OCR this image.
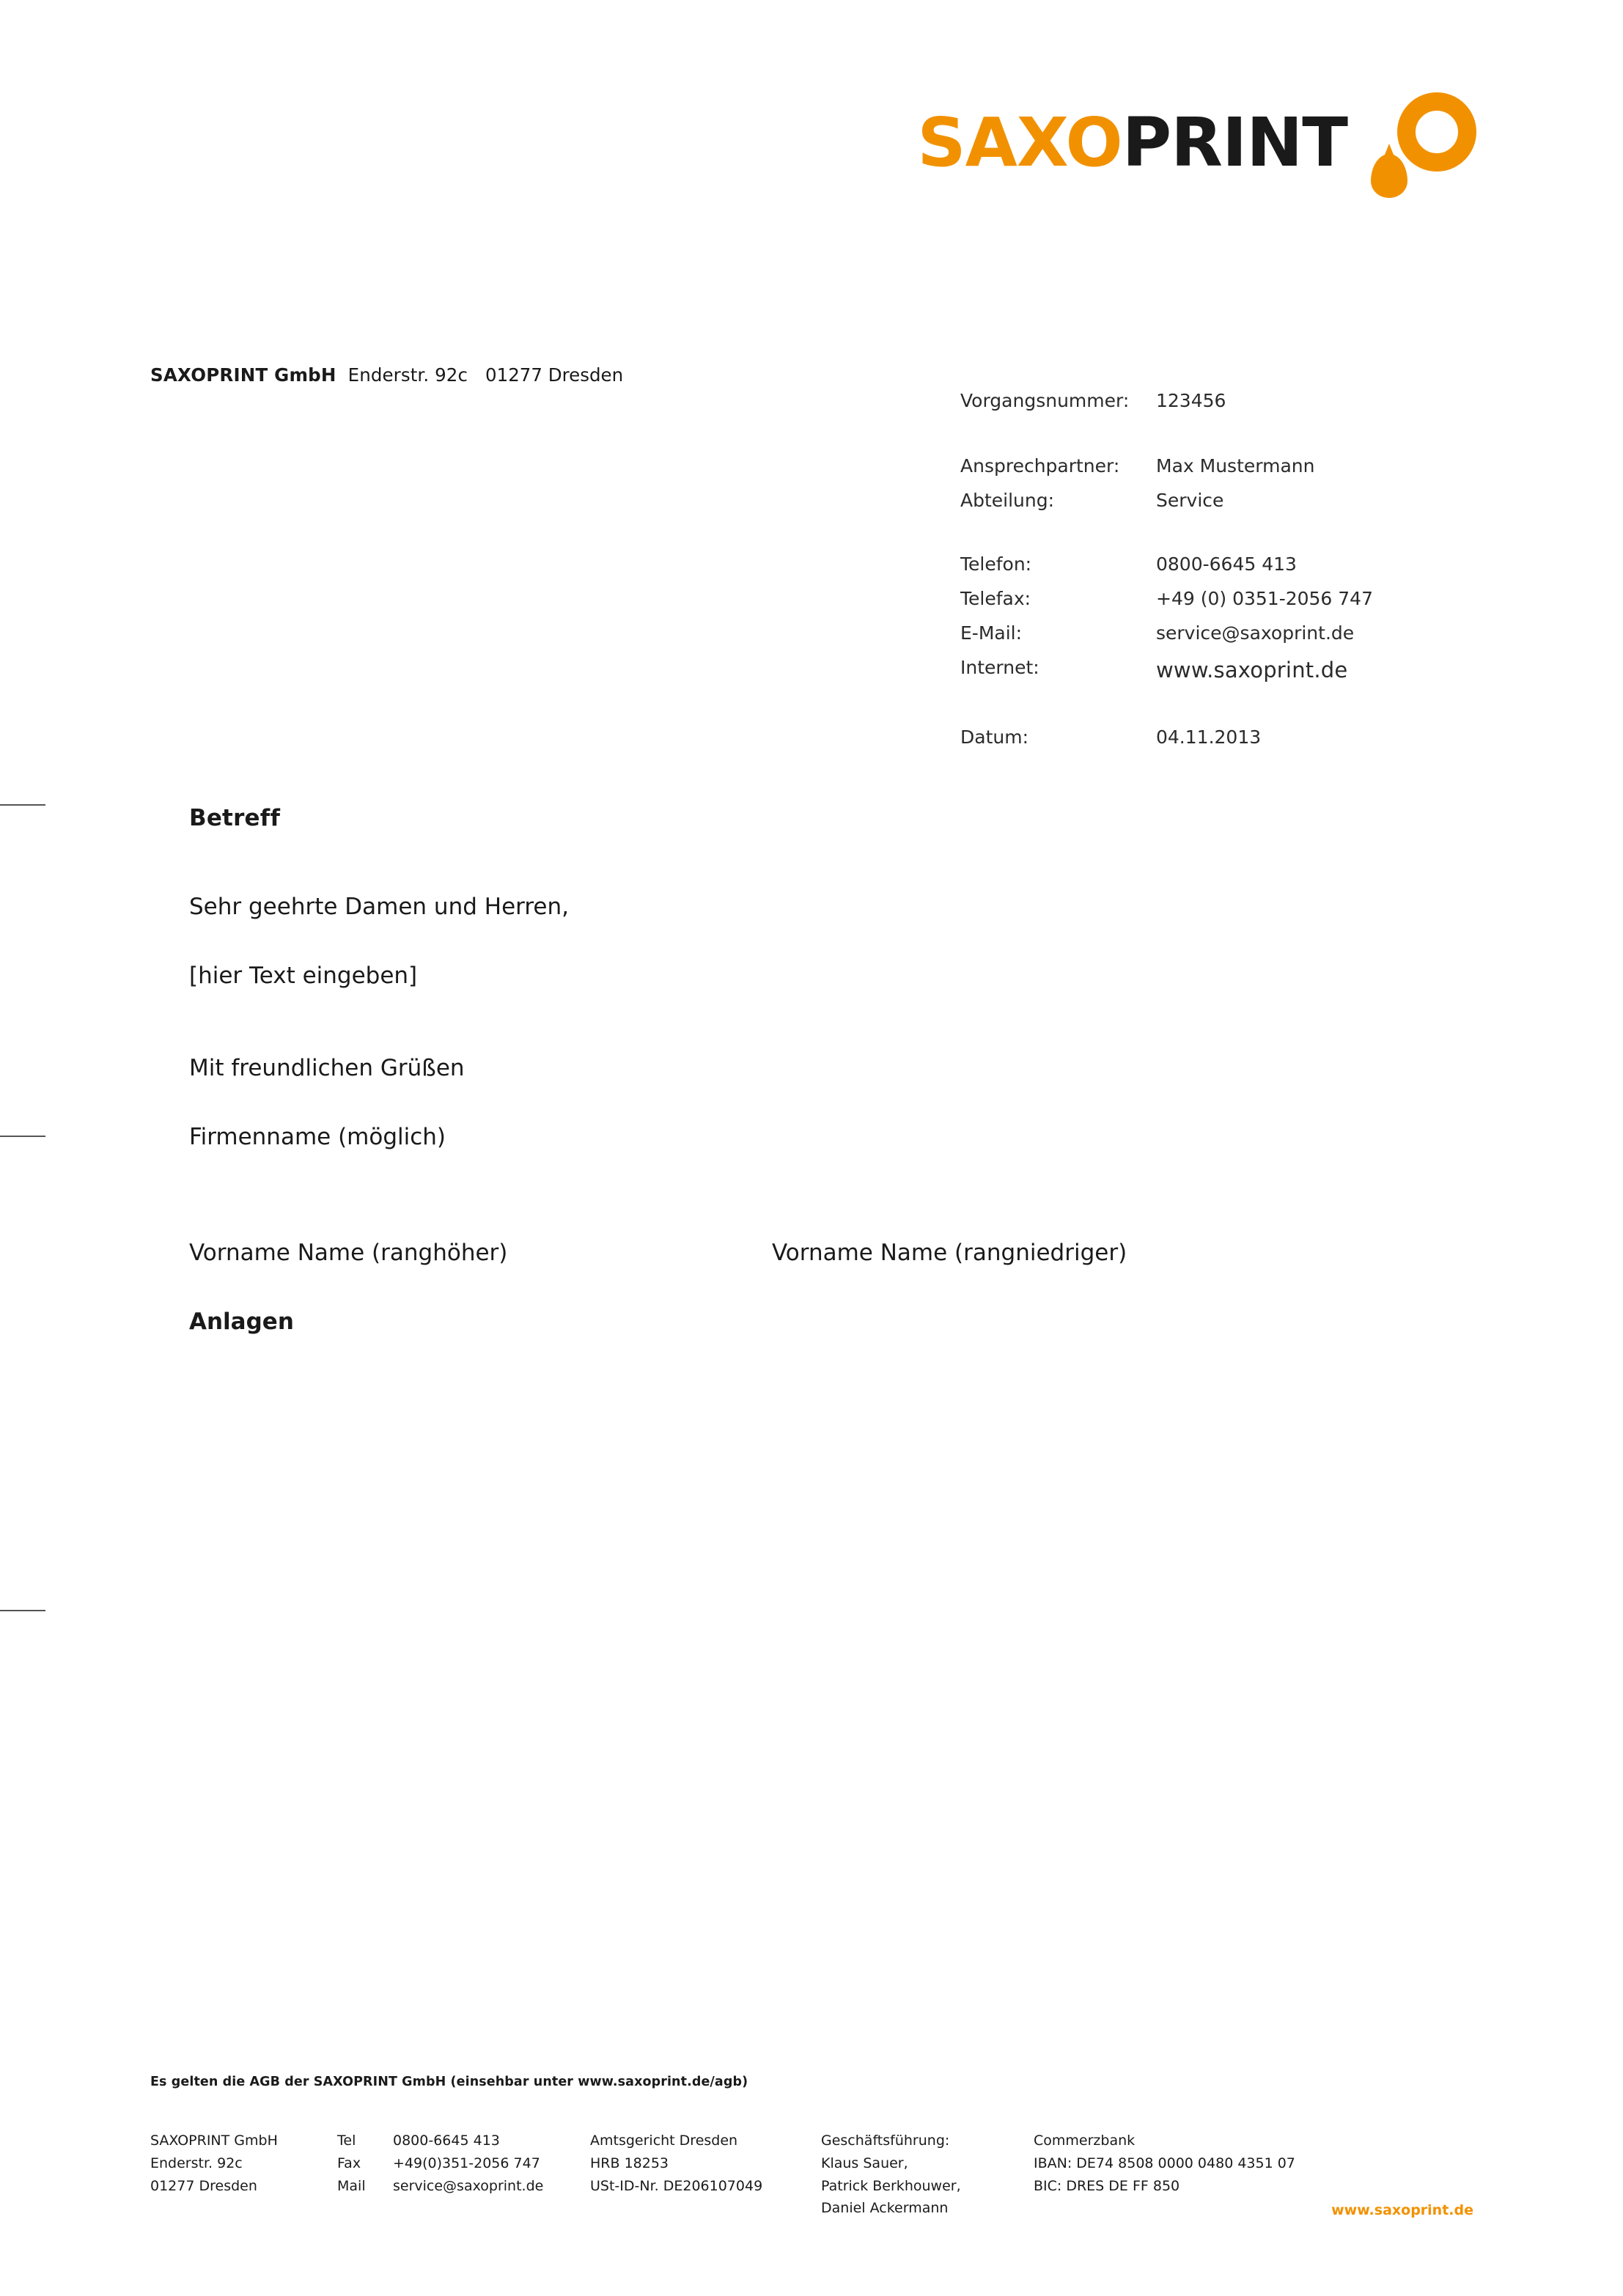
SAXOPRINT
SAXOPRINT GmbH Enderstr. 92c 01277 Dresden
Vorgangsnummer:	123456
Ansprechpartner:	Max Mustermann
Abteilung:	Service
Telefon:	0800-6645 413
Telefax:	+49 (0) 0351-2056 747
E-Mail:	service@saxoprint.de
Internet:	www.saxoprint.de
Datum:	04.11.2013
Betreff
Sehr geehrte Damen und Herren,
[hier Text eingeben]
Mit freundlichen Grüßen
Firmenname (möglich)
Vorname Name (ranghöher)	Vorname Name (rangniedriger)
Anlagen
Es gelten die AGB der SAXOPRINT GmbH (einsehbar unter www.saxoprint.de/agb)
SAXOPRINT GmbH
Enderstr. 92c
01277 Dresden
Tel	0800-6645 413
Fax	+49(0)351-2056 747
Mail	service@saxoprint.de
Amtsgericht Dresden
HRB 18253
USt-ID-Nr. DE206107049
Geschäftsführung:
Klaus Sauer,
Patrick Berkhouwer,
Daniel Ackermann
Commerzbank
IBAN: DE74 8508 0000 0480 4351 07
BIC: DRES DE FF 850
www.saxoprint.de
